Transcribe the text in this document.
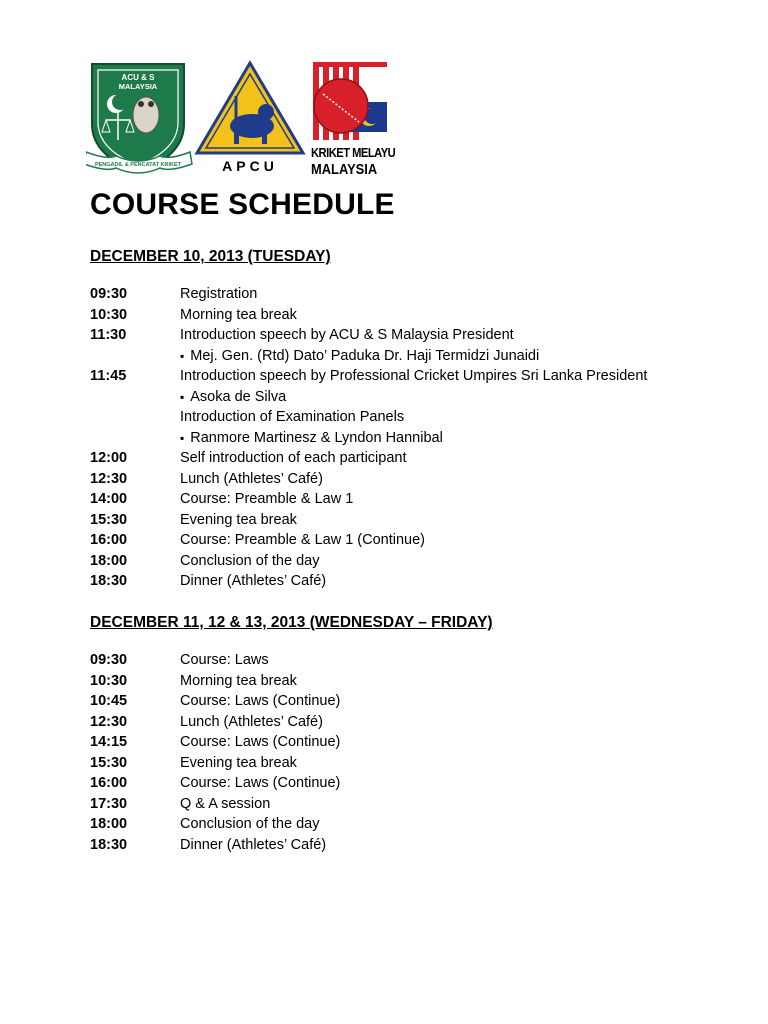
ACU & S
MALAYSIA
PENGADIL & PENCATAT KRIKET	APCU
KRIKET MELAYU
MALAYSIA
COURSE SCHEDULE
DECEMBER 10, 2013 (TUESDAY)
09:30	Registration
10:30	Morning tea break
11:30	Introduction speech by ACU & S Malaysia President
▪ Mej. Gen. (Rtd) Dato’ Paduka Dr. Haji Termidzi Junaidi
11:45	Introduction speech by Professional Cricket Umpires Sri Lanka President
▪ Asoka de Silva
Introduction of Examination Panels
▪ Ranmore Martinesz & Lyndon Hannibal
12:00	Self introduction of each participant
12:30	Lunch (Athletes’ Café)
14:00	Course: Preamble & Law 1
15:30	Evening tea break
16:00	Course: Preamble & Law 1 (Continue)
18:00	Conclusion of the day
18:30	Dinner (Athletes’ Café)
DECEMBER 11, 12 & 13, 2013 (WEDNESDAY – FRIDAY)
09:30	Course: Laws
10:30	Morning tea break
10:45	Course: Laws (Continue)
12:30	Lunch (Athletes’ Café)
14:15	Course: Laws (Continue)
15:30	Evening tea break
16:00	Course: Laws (Continue)
17:30	Q & A session
18:00	Conclusion of the day
18:30	Dinner (Athletes’ Café)
